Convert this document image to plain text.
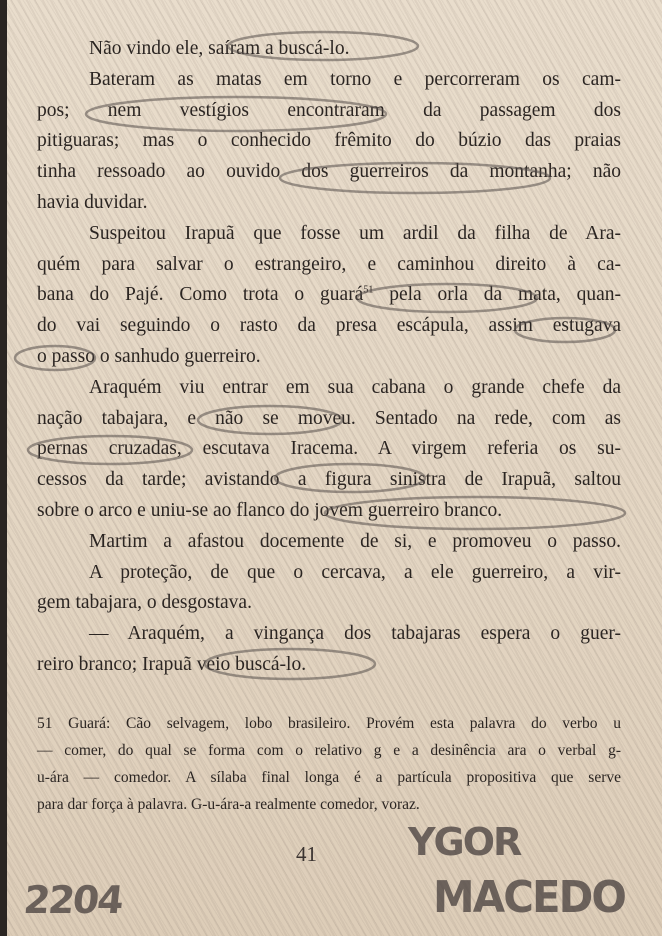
Não vindo ele, saíram a buscá-lo.
Bateram as matas em torno e percorreram os cam-
pos; nem vestígios encontraram da passagem dos
pitiguaras; mas o conhecido frêmito do búzio das praias
tinha ressoado ao ouvido dos guerreiros da montanha; não
havia duvidar.
Suspeitou Irapuã que fosse um ardil da filha de Ara-
quém para salvar o estrangeiro, e caminhou direito à ca-
bana do Pajé. Como trota o guará$^{51}$ pela orla da mata, quan-
do vai seguindo o rasto da presa escápula, assim estugava
o passo o sanhudo guerreiro.
Araquém viu entrar em sua cabana o grande chefe da
nação tabajara, e não se moveu. Sentado na rede, com as
pernas cruzadas, escutava Iracema. A virgem referia os su-
cessos da tarde; avistando a figura sinistra de Irapuã, saltou
sobre o arco e uniu-se ao flanco do jovem guerreiro branco.
Martim a afastou docemente de si, e promoveu o passo.
A proteção, de que o cercava, a ele guerreiro, a vir-
gem tabajara, o desgostava.
— Araquém, a vingança dos tabajaras espera o guer-
reiro branco; Irapuã veio buscá-lo.
51 Guará: Cão selvagem, lobo brasileiro. Provém esta palavra do verbo u
— comer, do qual se forma com o relativo g e a desinência ara o verbal g-
u-ára — comedor. A sílaba final longa é a partícula propositiva que serve
para dar força à palavra. G-u-ára-a realmente comedor, voraz.
41
2204
YGOR
MACEDO
